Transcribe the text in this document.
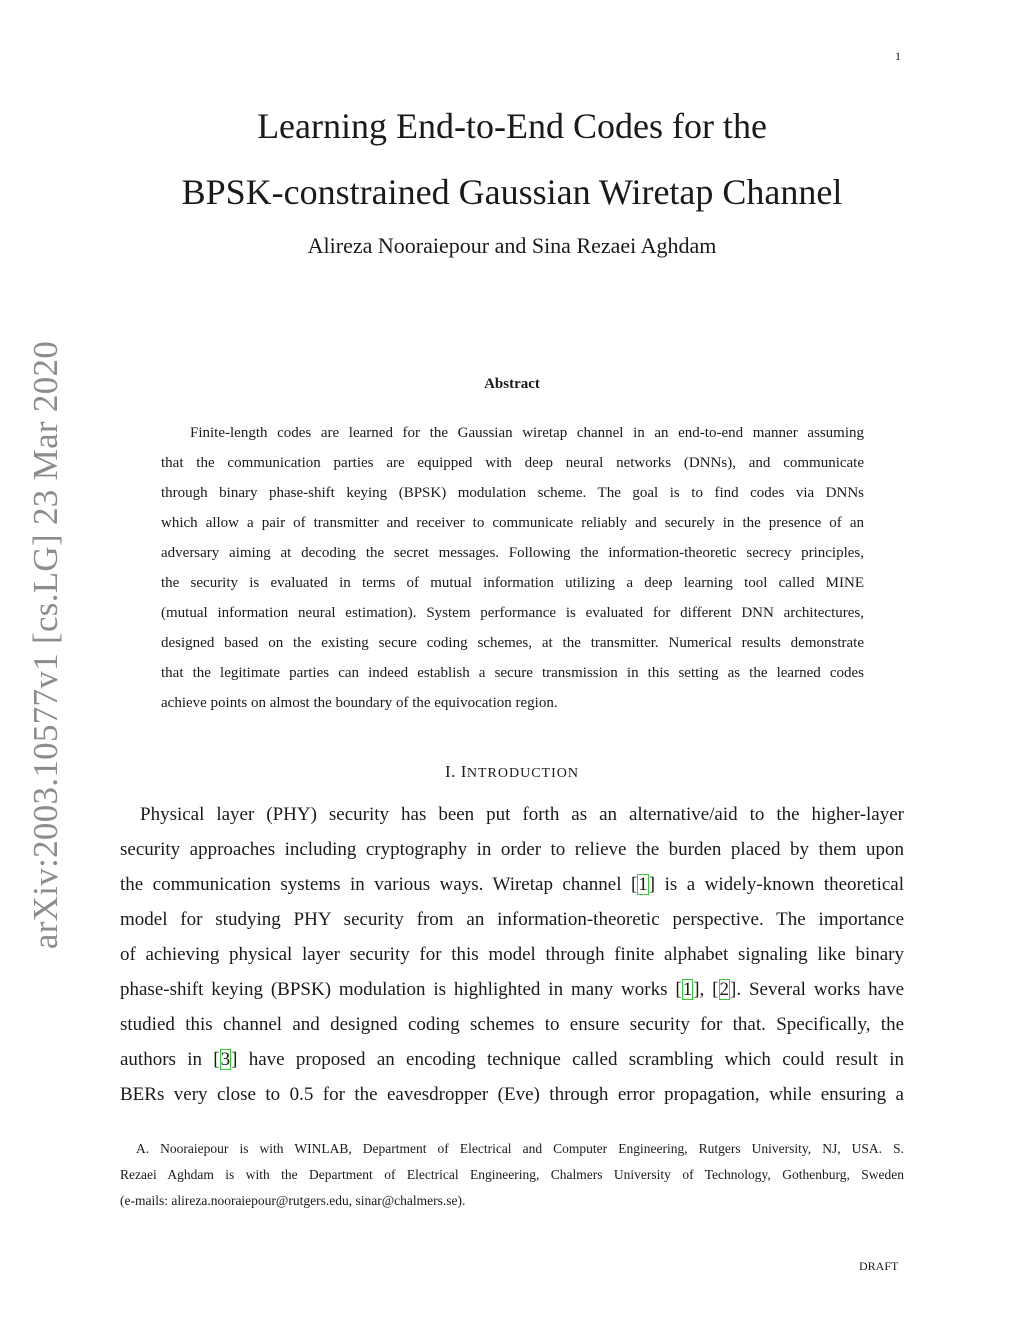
1
arXiv:2003.10577v1 [cs.LG] 23 Mar 2020
Learning End-to-End Codes for the
BPSK-constrained Gaussian Wiretap Channel
Alireza Nooraiepour and Sina Rezaei Aghdam
Abstract

Finite-length codes are learned for the Gaussian wiretap channel in an end-to-end manner assuming
that the communication parties are equipped with deep neural networks (DNNs), and communicate
through binary phase-shift keying (BPSK) modulation scheme. The goal is to find codes via DNNs
which allow a pair of transmitter and receiver to communicate reliably and securely in the presence of an
adversary aiming at decoding the secret messages. Following the information-theoretic secrecy principles,
the security is evaluated in terms of mutual information utilizing a deep learning tool called MINE
(mutual information neural estimation). System performance is evaluated for different DNN architectures,
designed based on the existing secure coding schemes, at the transmitter. Numerical results demonstrate
that the legitimate parties can indeed establish a secure transmission in this setting as the learned codes
achieve points on almost the boundary of the equivocation region.

I. INTRODUCTION

Physical layer (PHY) security has been put forth as an alternative/aid to the higher-layer
security approaches including cryptography in order to relieve the burden placed by them upon
the communication systems in various ways. Wiretap channel [1] is a widely-known theoretical
model for studying PHY security from an information-theoretic perspective. The importance
of achieving physical layer security for this model through finite alphabet signaling like binary
phase-shift keying (BPSK) modulation is highlighted in many works [1], [2]. Several works have
studied this channel and designed coding schemes to ensure security for that. Specifically, the
authors in [3] have proposed an encoding technique called scrambling which could result in
BERs very close to 0.5 for the eavesdropper (Eve) through error propagation, while ensuring a

A. Nooraiepour is with WINLAB, Department of Electrical and Computer Engineering, Rutgers University, NJ, USA. S.
Rezaei Aghdam is with the Department of Electrical Engineering, Chalmers University of Technology, Gothenburg, Sweden
(e-mails: alireza.nooraiepour@rutgers.edu, sinar@chalmers.se).

DRAFT
